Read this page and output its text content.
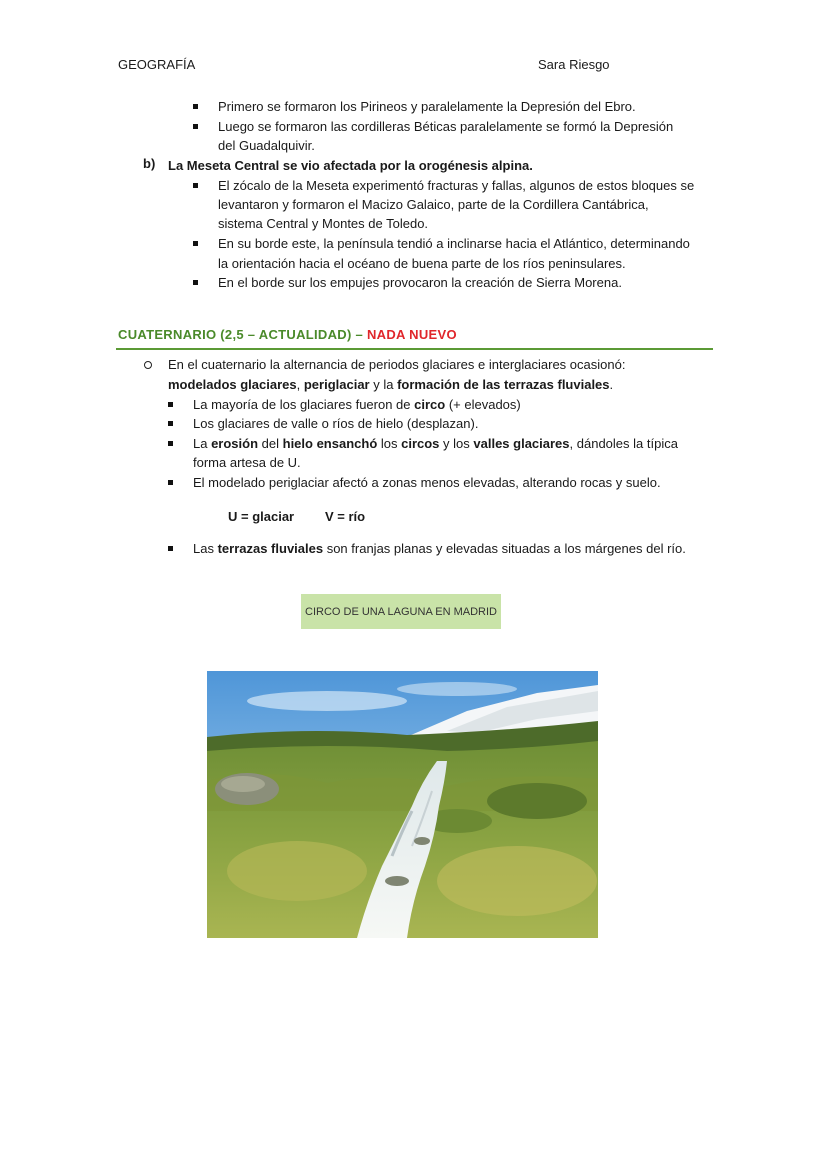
GEOGRAFÍA	Sara Riesgo
Primero se formaron los Pirineos y paralelamente la Depresión del Ebro.
Luego se formaron las cordilleras Béticas paralelamente se formó la Depresión
del Guadalquivir.
b) La Meseta Central se vio afectada por la orogénesis alpina.
El zócalo de la Meseta experimentó fracturas y fallas, algunos de estos bloques se
levantaron y formaron el Macizo Galaico, parte de la Cordillera Cantábrica,
sistema Central y Montes de Toledo.
En su borde este, la península tendió a inclinarse hacia el Atlántico, determinando
la orientación hacia el océano de buena parte de los ríos peninsulares.
En el borde sur los empujes provocaron la creación de Sierra Morena.
CUATERNARIO (2,5 – ACTUALIDAD) – NADA NUEVO
En el cuaternario la alternancia de periodos glaciares e interglaciares ocasionó:
modelados glaciares, periglaciar y la formación de las terrazas fluviales.
La mayoría de los glaciares fueron de circo (+ elevados)
Los glaciares de valle o ríos de hielo (desplazan).
La erosión del hielo ensanchó los circos y los valles glaciares, dándoles la típica
forma artesa de U.
El modelado periglaciar afectó a zonas menos elevadas, alterando rocas y suelo.
U = glaciar V = río
Las terrazas fluviales son franjas planas y elevadas situadas a los márgenes del río.
CIRCO DE UNA LAGUNA EN MADRID
